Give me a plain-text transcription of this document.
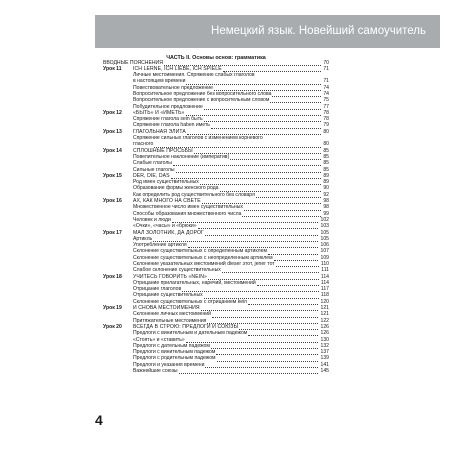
Немецкий язык. Новейший самоучитель
ЧАСТЬ II. Основы основ: грамматика
ВВОДНЫЕ ПОЯСНЕНИЯ	70
Урок 11 ICH LERNE, ICH LIEBE, ICH SPIELE	71
Личные местоимения. Спряжение слабых глаголов
в настоящем времени	71
Повествовательное предложение	74
Вопросительное предложение без вопросительного слова	74
Вопросительное предложение с вопросительным словом	75
Побудительное предложение	77
Урок 12 «БЫТЬ» И «ИМЕТЬ»	78
Спряжение глагола sein быть	78
Спряжение глагола haben иметь	79
Урок 13 ГЛАГОЛЬНАЯ ЭЛИТА	80
Спряжение сильных глаголов с изменением корневого
гласного	80
Урок 14 СПЛОШНЫЕ ПРОСЬБЫ	85
Повелительное наклонение (императив)	85
Слабые глаголы	85
Сильные глаголы	85
Урок 15 DER, DIE, DAS	89
Род имен существительных	89
Образование формы женского рода	90
Как определить род существительного без словаря	92
Урок 16 АХ, КАК МНОГО НА СВЕТЕ	98
Множественное число имен существительных	98
Способы образования множественного числа	99
Человек и люди	102
«Очки», «часы» и «брюки»	103
Урок 17 МАЛ ЗОЛОТНИК, ДА ДОРОГ	105
Артикль	105
Употребление артикля	106
Склонение существительных с определенным артиклем	107
Склонение существительных с неопределенным артиклем	109
Склонение указательных местоимений dieser этот, jener тот	110
Слабое склонение существительных	111
Урок 18 УЧИТЕСЬ ГОВОРИТЬ «NEIN»	114
Отрицание прилагательных, наречий, местоимений	114
Отрицание глаголов	117
Отрицание существительных	118
Склонение существительных с отрицанием kein	120
Урок 19 И СНОВА МЕСТОИМЕНИЯ	121
Склонение личных местоимений	121
Притяжательные местоимения	122
Урок 20 ВСЕГДА В СТРОЮ: ПРЕДЛОГИ И СОЮЗЫ	126
Предлоги с винительным и дательным падежом	126
«Стоять» и «ставить»	130
Предлоги с дательным падежом	132
Предлоги с винительным падежом	137
Предлоги с родительным падежом	139
Предлоги и указания времени	141
Важнейшие союзы	145
4
